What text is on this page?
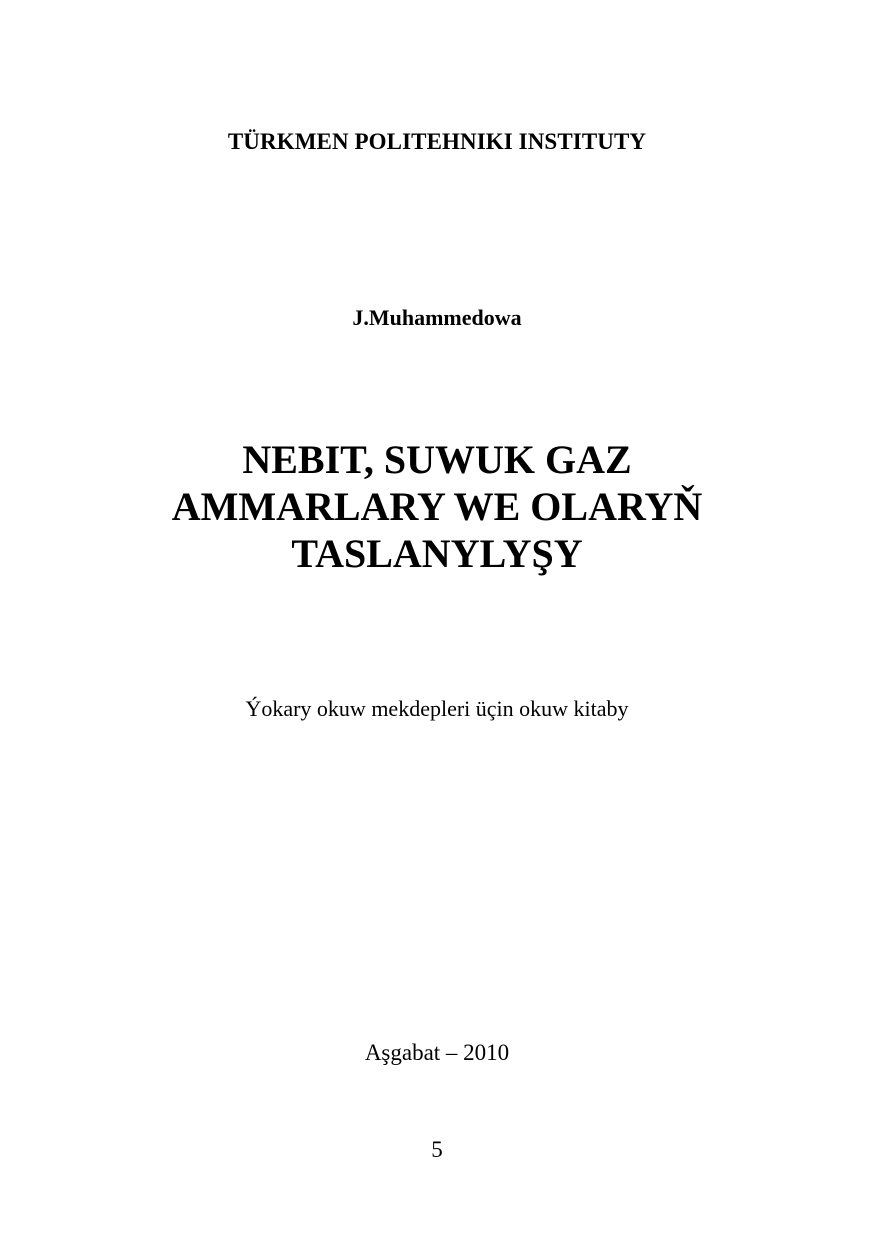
TÜRKMEN POLITEHNIKI INSTITUTY

J.Muhammedowa

NEBIT, SUWUK GAZ
AMMARLARY WE OLARYŇ
TASLANYLYŞY

Ýokary okuw mekdepleri üçin okuw kitaby

Aşgabat – 2010

5
